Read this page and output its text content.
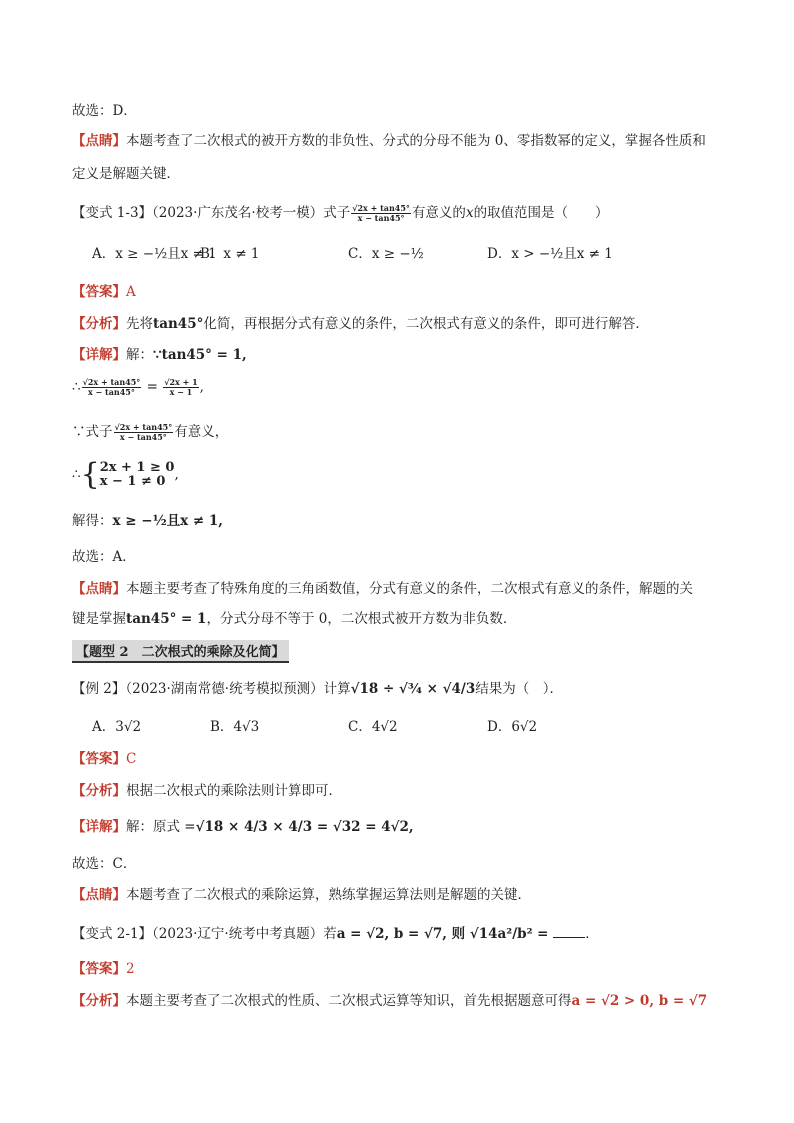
故选：D．
【点睛】本题考查了二次根式的被开方数的非负性、分式的分母不能为 0、零指数幂的定义，掌握各性质和
定义是解题关键．
【变式 1-3】（2023·广东茂名·校考一模）式子 $\frac{√2x + \tan 45^\circ}{x - \tan 45^\circ}$ 有意义的x的取值范围是（　　）
A．x ≥ −½且x ≠ 1
B．x ≠ 1	C．x ≥ −½	D．x > −½且x ≠ 1
【答案】A
【分析】先将tan45°化简，再根据分式有意义的条件，二次根式有意义的条件，即可进行解答．
【详解】解：∵tan45° = 1,
∴ $\frac{√2x + \tan 45^\circ}{x - \tan 45^\circ} = \frac{√2x + 1}{x - 1}$ ,
∵式子 $\frac{√2x + \tan 45^\circ}{x - \tan 45^\circ}$ 有意义，
∴{ 2x + 1 ≥ 0
x − 1 ≠ 0 ,
解得：x ≥ −½且x ≠ 1,
故选：A．
【点睛】本题主要考查了特殊角度的三角函数值，分式有意义的条件，二次根式有意义的条件，解题的关
键是掌握tan45° = 1，分式分母不等于 0，二次根式被开方数为非负数．
【题型 2　二次根式的乘除及化简】
【例 2】（2023·湖南常德·统考模拟预测）计算√18 ÷ √¾ × √4/3结果为（　）．
A．3√2	B．4√3	C．4√2	D．6√2
【答案】C
【分析】根据二次根式的乘除法则计算即可．
【详解】解：原式 =√18 × 4/3 × 4/3 = √32 = 4√2,
故选：C．
【点睛】本题考查了二次根式的乘除运算，熟练掌握运算法则是解题的关键．
【变式 2-1】（2023·辽宁·统考中考真题）若a = √2, b = √7, 则 √14a²/b² = ．
【答案】2
【分析】本题主要考查了二次根式的性质、二次根式运算等知识，首先根据题意可得a = √2 > 0, b = √7
